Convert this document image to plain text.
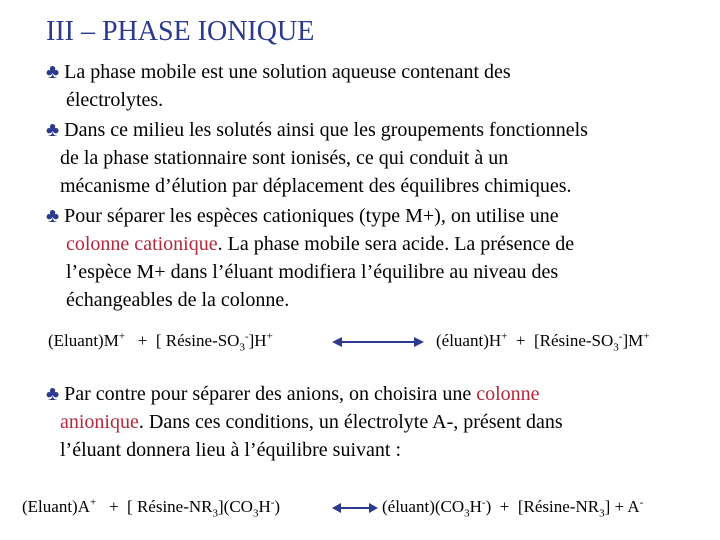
III – PHASE IONIQUE
♣ La phase mobile est une solution aqueuse contenant des
électrolytes.
♣ Dans ce milieu les solutés ainsi que les groupements fonctionnels
de la phase stationnaire sont ionisés, ce qui conduit à un
mécanisme d’élution par déplacement des équilibres chimiques.
♣ Pour séparer les espèces cationiques (type M+), on utilise une
colonne cationique. La phase mobile sera acide. La présence de
l’espèce M+ dans l’éluant modifiera l’équilibre au niveau des
échangeables de la colonne.
(Eluant)M+ + [ Résine-$SO_3^-]H^+$	(éluant)H+ + $[Ré\sin e-SO_3^-]M^+$
♣ Par contre pour séparer des anions, on choisira une colonne
anionique. Dans ces conditions, un électrolyte A-, présent dans
l’éluant donnera lieu à l’équilibre suivant :
(Eluant)A+ + [ Résine-$NR_3](CO_3H^-)$	$(éluant)(CO_3H^-)$ + $[Ré\sin e-NR_3] + A^-$
